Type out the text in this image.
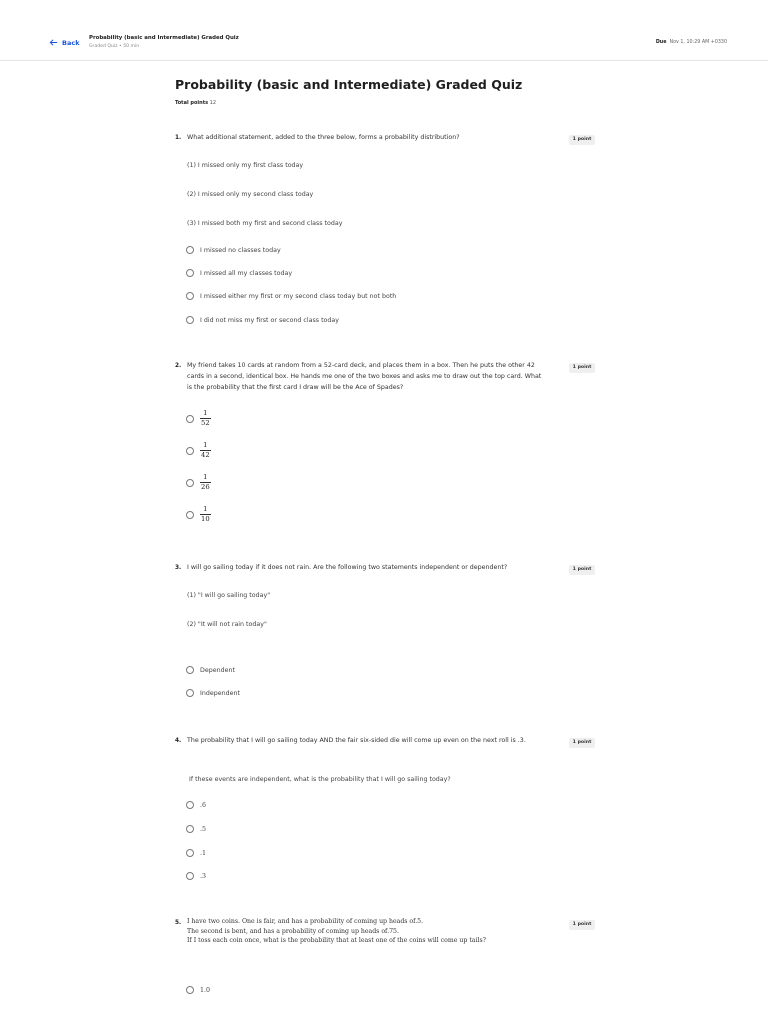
Back
Probability (basic and Intermediate) Graded Quiz
Graded Quiz • 50 min
Due Nov 1, 10:29 AM +0330
Probability (basic and Intermediate) Graded Quiz
Total points 12
1. What additional statement, added to the three below, forms a probability distribution?	1 point
(1) I missed only my first class today
(2) I missed only my second class today
(3) I missed both my first and second class today
I missed no classes today
I missed all my classes today
I missed either my first or my second class today but not both
I did not miss my first or second class today
2. My friend takes 10 cards at random from a 52-card deck, and places them in a box. Then he puts the other 42 cards in a second, identical box. He hands me one of the two boxes and asks me to draw out the top card. What is the probability that the first card I draw will be the Ace of Spades?
1 point
$\frac{1}{52}$
$\frac{1}{42}$
$\frac{1}{26}$
$\frac{1}{10}$
3. I will go sailing today if it does not rain. Are the following two statements independent or dependent?	1 point
(1) "I will go sailing today"
(2) "It will not rain today"
Dependent
Independent
4. The probability that I will go sailing today AND the fair six-sided die will come up even on the next roll is .3.	1 point
If these events are independent, what is the probability that I will go sailing today?
.6
.5
.1
.3
5. I have two coins. One is fair, and has a probability of coming up heads of.5.
The second is bent, and has a probability of coming up heads of.75.
If I toss each coin once, what is the probability that at least one of the coins will come up tails?
1 point
1.0
